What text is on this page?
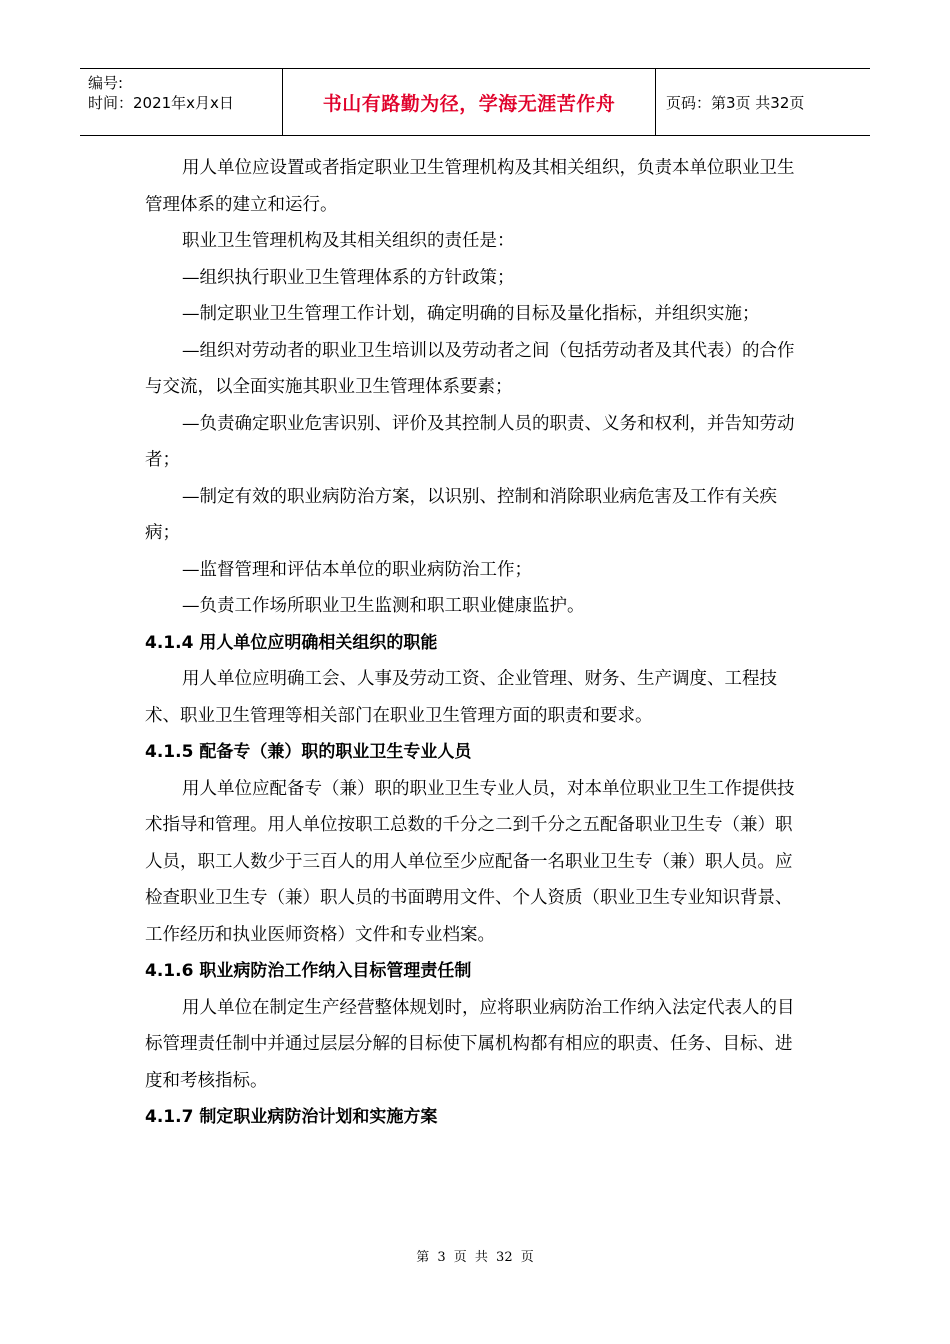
编号:
时间：2021年x月x日	书山有路勤为径，学海无涯苦作舟	页码：第3页 共32页

用人单位应设置或者指定职业卫生管理机构及其相关组织，负责本单位职业卫生管理体系的建立和运行。

职业卫生管理机构及其相关组织的责任是：

—组织执行职业卫生管理体系的方针政策；

—制定职业卫生管理工作计划，确定明确的目标及量化指标，并组织实施；

—组织对劳动者的职业卫生培训以及劳动者之间（包括劳动者及其代表）的合作与交流，以全面实施其职业卫生管理体系要素；

—负责确定职业危害识别、评价及其控制人员的职责、义务和权利，并告知劳动者；

—制定有效的职业病防治方案，以识别、控制和消除职业病危害及工作有关疾病；

—监督管理和评估本单位的职业病防治工作；

—负责工作场所职业卫生监测和职工职业健康监护。

4.1.4 用人单位应明确相关组织的职能

用人单位应明确工会、人事及劳动工资、企业管理、财务、生产调度、工程技术、职业卫生管理等相关部门在职业卫生管理方面的职责和要求。

4.1.5 配备专（兼）职的职业卫生专业人员

用人单位应配备专（兼）职的职业卫生专业人员，对本单位职业卫生工作提供技术指导和管理。用人单位按职工总数的千分之二到千分之五配备职业卫生专（兼）职人员，职工人数少于三百人的用人单位至少应配备一名职业卫生专（兼）职人员。应检查职业卫生专（兼）职人员的书面聘用文件、个人资质（职业卫生专业知识背景、工作经历和执业医师资格）文件和专业档案。

4.1.6 职业病防治工作纳入目标管理责任制

用人单位在制定生产经营整体规划时，应将职业病防治工作纳入法定代表人的目标管理责任制中并通过层层分解的目标使下属机构都有相应的职责、任务、目标、进度和考核指标。

4.1.7 制定职业病防治计划和实施方案

第 3 页 共 32 页
